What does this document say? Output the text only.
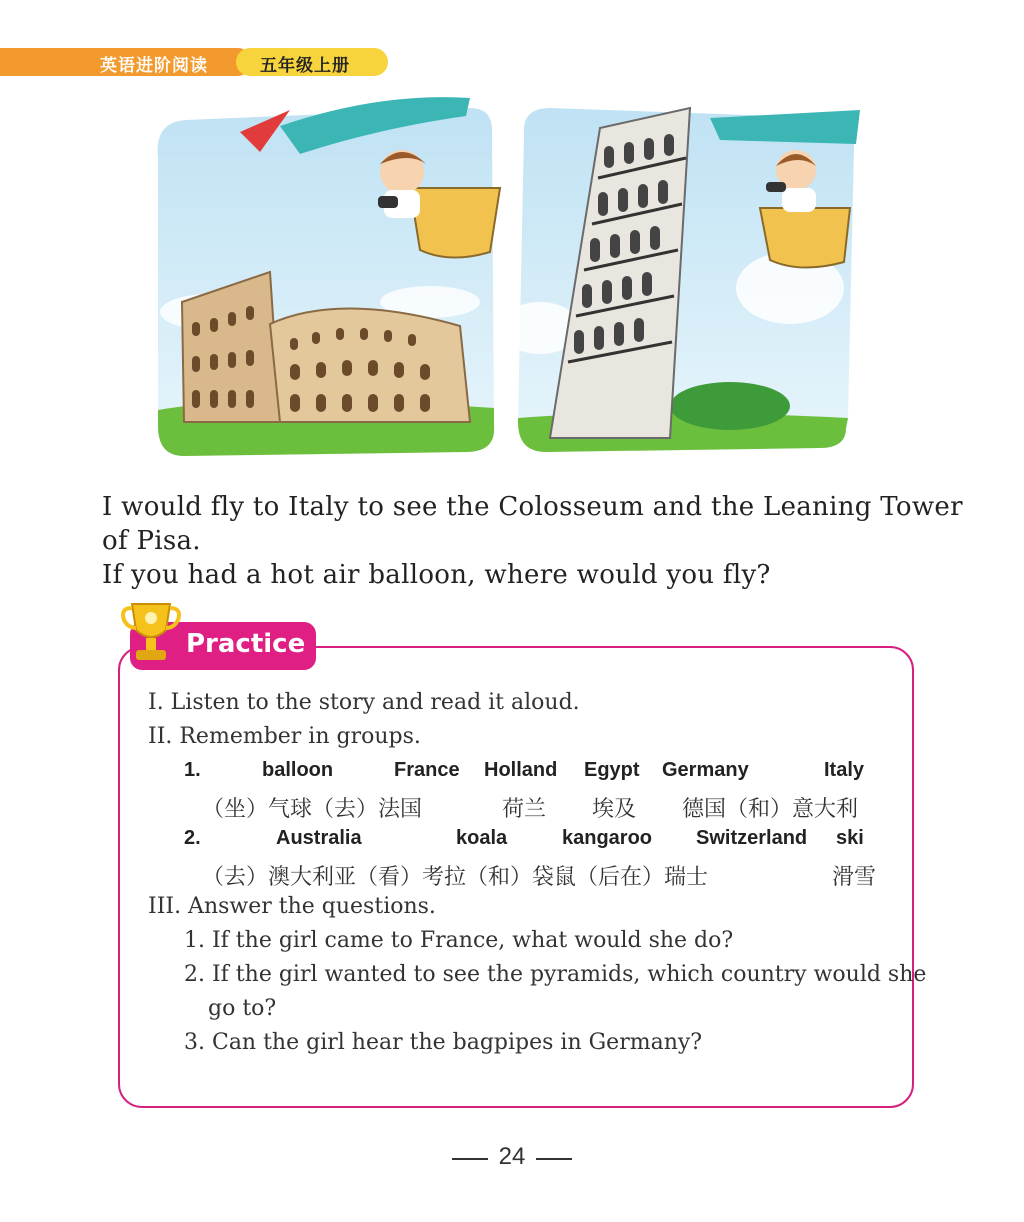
英语进阶阅读	五年级上册
I would fly to Italy to see the Colosseum and the Leaning Tower
of Pisa.
If you had a hot air balloon, where would you fly?
Practice
I. Listen to the story and read it aloud.
II. Remember in groups.
1.	balloon	France Holland Egypt Germany	Italy
（坐）气球（去）法国	荷兰 埃及 德国（和）意大利
2.	Australia	koala	kangaroo Switzerland ski
（去）澳大利亚（看）考拉（和）袋鼠（后在）瑞士	滑雪
III. Answer the questions.
1. If the girl came to France, what would she do?
2. If the girl wanted to see the pyramids, which country would she
go to?
3. Can the girl hear the bagpipes in Germany?
24
